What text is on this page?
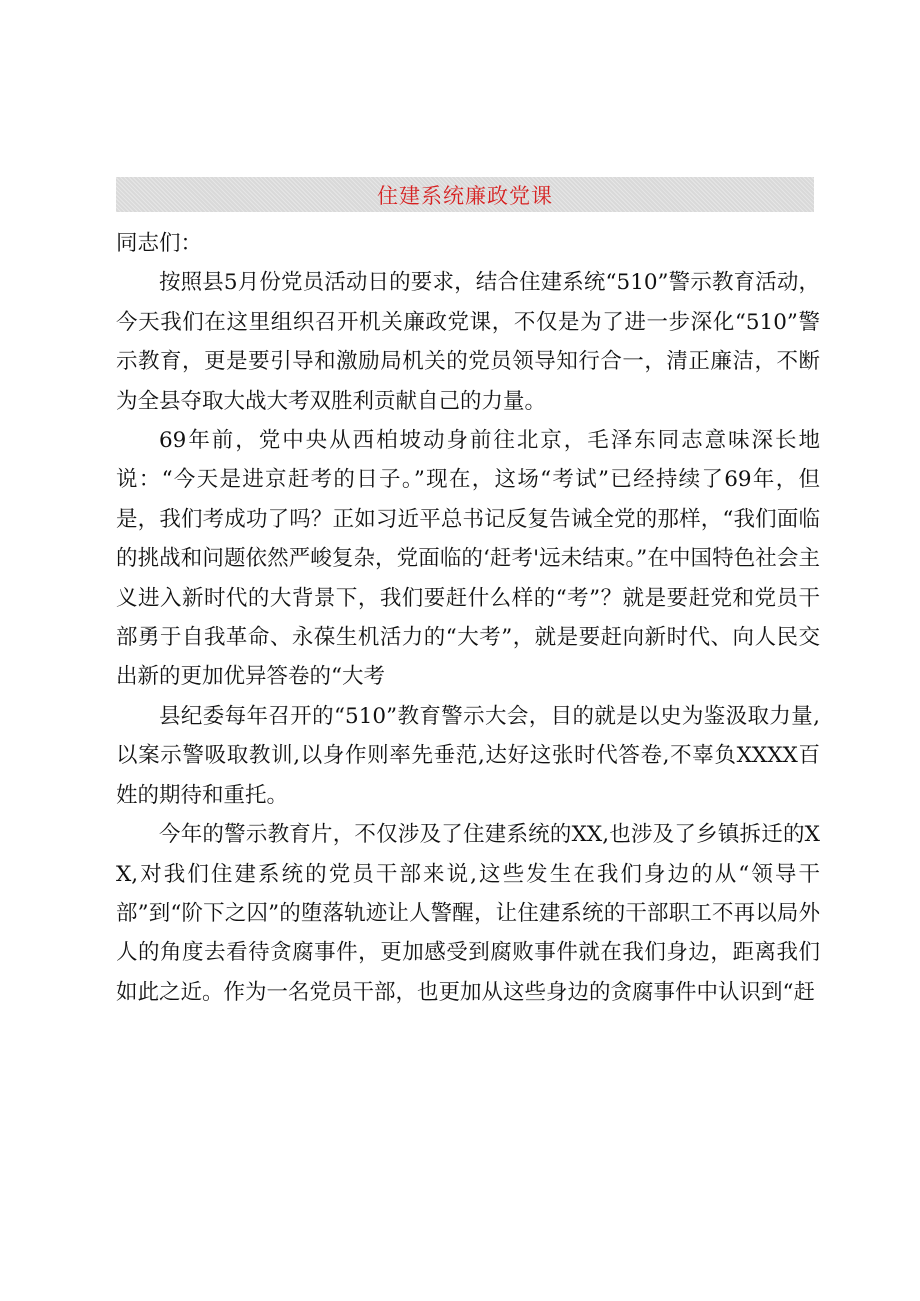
住建系统廉政党课

同志们：

按照县5月份党员活动日的要求，结合住建系统“510”警示教育活动，今天我们在这里组织召开机关廉政党课，不仅是为了进一步深化“510”警示教育，更是要引导和激励局机关的党员领导知行合一，清正廉洁，不断为全县夺取大战大考双胜利贡献自己的力量。

69年前，党中央从西柏坡动身前往北京，毛泽东同志意味深长地说：“今天是进京赶考的日子。”现在，这场“考试”已经持续了69年，但是，我们考成功了吗？正如习近平总书记反复告诫全党的那样，“我们面临的挑战和问题依然严峻复杂，党面临的‘赶考'远未结束。”在中国特色社会主义进入新时代的大背景下，我们要赶什么样的“考”？就是要赶党和党员干部勇于自我革命、永葆生机活力的“大考”，就是要赶向新时代、向人民交出新的更加优异答卷的“大考

县纪委每年召开的“510”教育警示大会，目的就是以史为鉴汲取力量,以案示警吸取教训,以身作则率先垂范,达好这张时代答卷,不辜负XXXX百姓的期待和重托。

今年的警示教育片，不仅涉及了住建系统的XX,也涉及了乡镇拆迁的XX,对我们住建系统的党员干部来说,这些发生在我们身边的从“领导干部”到“阶下之囚”的堕落轨迹让人警醒，让住建系统的干部职工不再以局外人的角度去看待贪腐事件，更加感受到腐败事件就在我们身边，距离我们如此之近。作为一名党员干部，也更加从这些身边的贪腐事件中认识到“赶
